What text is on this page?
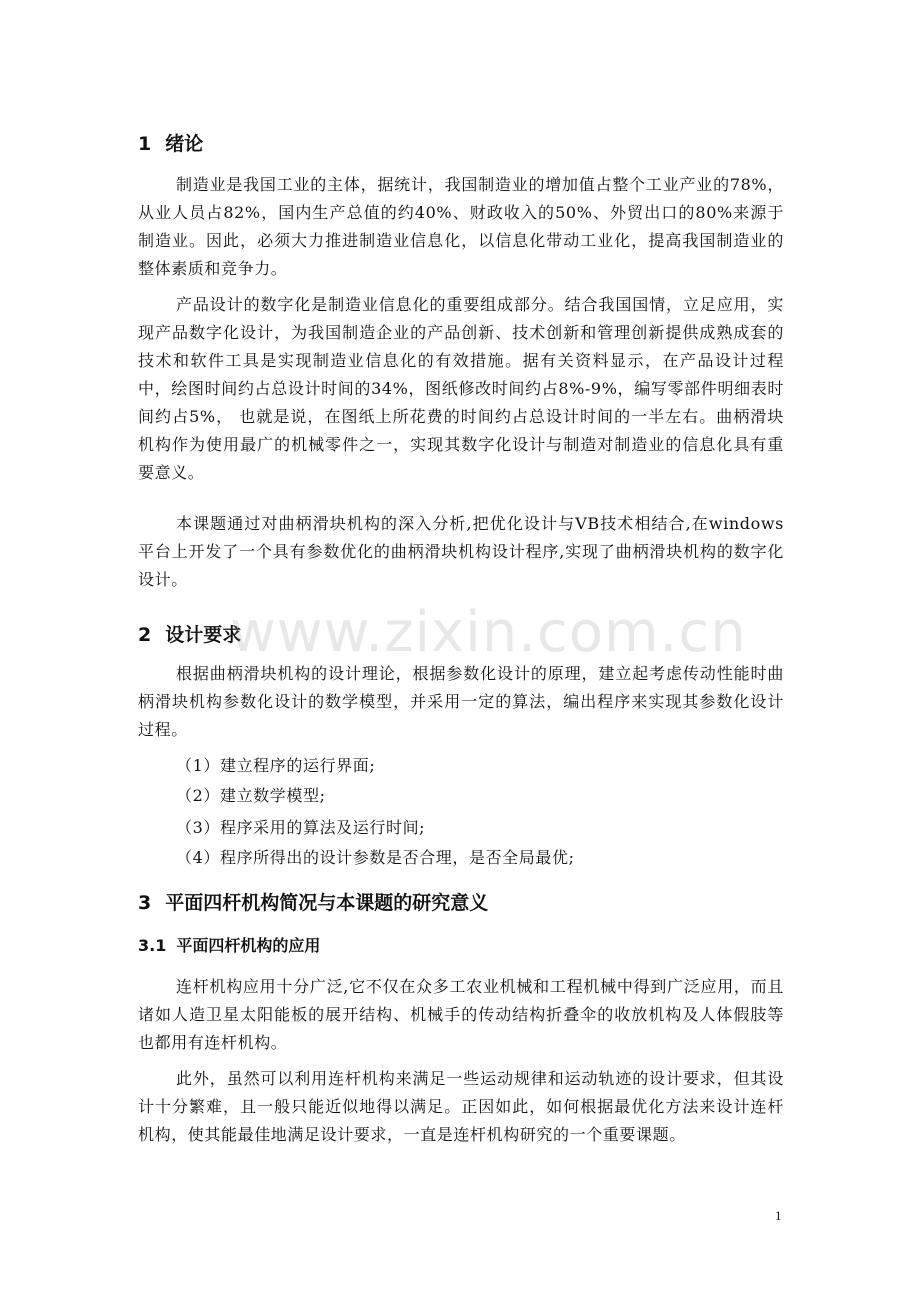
1 绪论

制造业是我国工业的主体，据统计，我国制造业的增加值占整个工业产业的78%，从业人员占82%，国内生产总值的约40%、财政收入的50%、外贸出口的80%来源于制造业。因此，必须大力推进制造业信息化，以信息化带动工业化，提高我国制造业的整体素质和竞争力。

产品设计的数字化是制造业信息化的重要组成部分。结合我国国情，立足应用，实现产品数字化设计，为我国制造企业的产品创新、技术创新和管理创新提供成熟成套的技术和软件工具是实现制造业信息化的有效措施。据有关资料显示，在产品设计过程中，绘图时间约占总设计时间的34%，图纸修改时间约占8%-9%，编写零部件明细表时间约占5%， 也就是说，在图纸上所花费的时间约占总设计时间的一半左右。曲柄滑块机构作为使用最广的机械零件之一，实现其数字化设计与制造对制造业的信息化具有重要意义。

本课题通过对曲柄滑块机构的深入分析,把优化设计与VB技术相结合,在windows平台上开发了一个具有参数优化的曲柄滑块机构设计程序,实现了曲柄滑块机构的数字化设计。

2 设计要求

根据曲柄滑块机构的设计理论，根据参数化设计的原理，建立起考虑传动性能时曲柄滑块机构参数化设计的数学模型，并采用一定的算法，编出程序来实现其参数化设计过程。

（1）建立程序的运行界面;

（2）建立数学模型;

（3）程序采用的算法及运行时间;

（4）程序所得出的设计参数是否合理，是否全局最优;

3 平面四杆机构简况与本课题的研究意义
3.1 平面四杆机构的应用

连杆机构应用十分广泛,它不仅在众多工农业机械和工程机械中得到广泛应用，而且诸如人造卫星太阳能板的展开结构、机械手的传动结构折叠伞的收放机构及人体假肢等也都用有连杆机构。

此外，虽然可以利用连杆机构来满足一些运动规律和运动轨迹的设计要求，但其设计十分繁难，且一般只能近似地得以满足。正因如此，如何根据最优化方法来设计连杆机构，使其能最佳地满足设计要求，一直是连杆机构研究的一个重要课题。

www.zixin.com.cn
1
